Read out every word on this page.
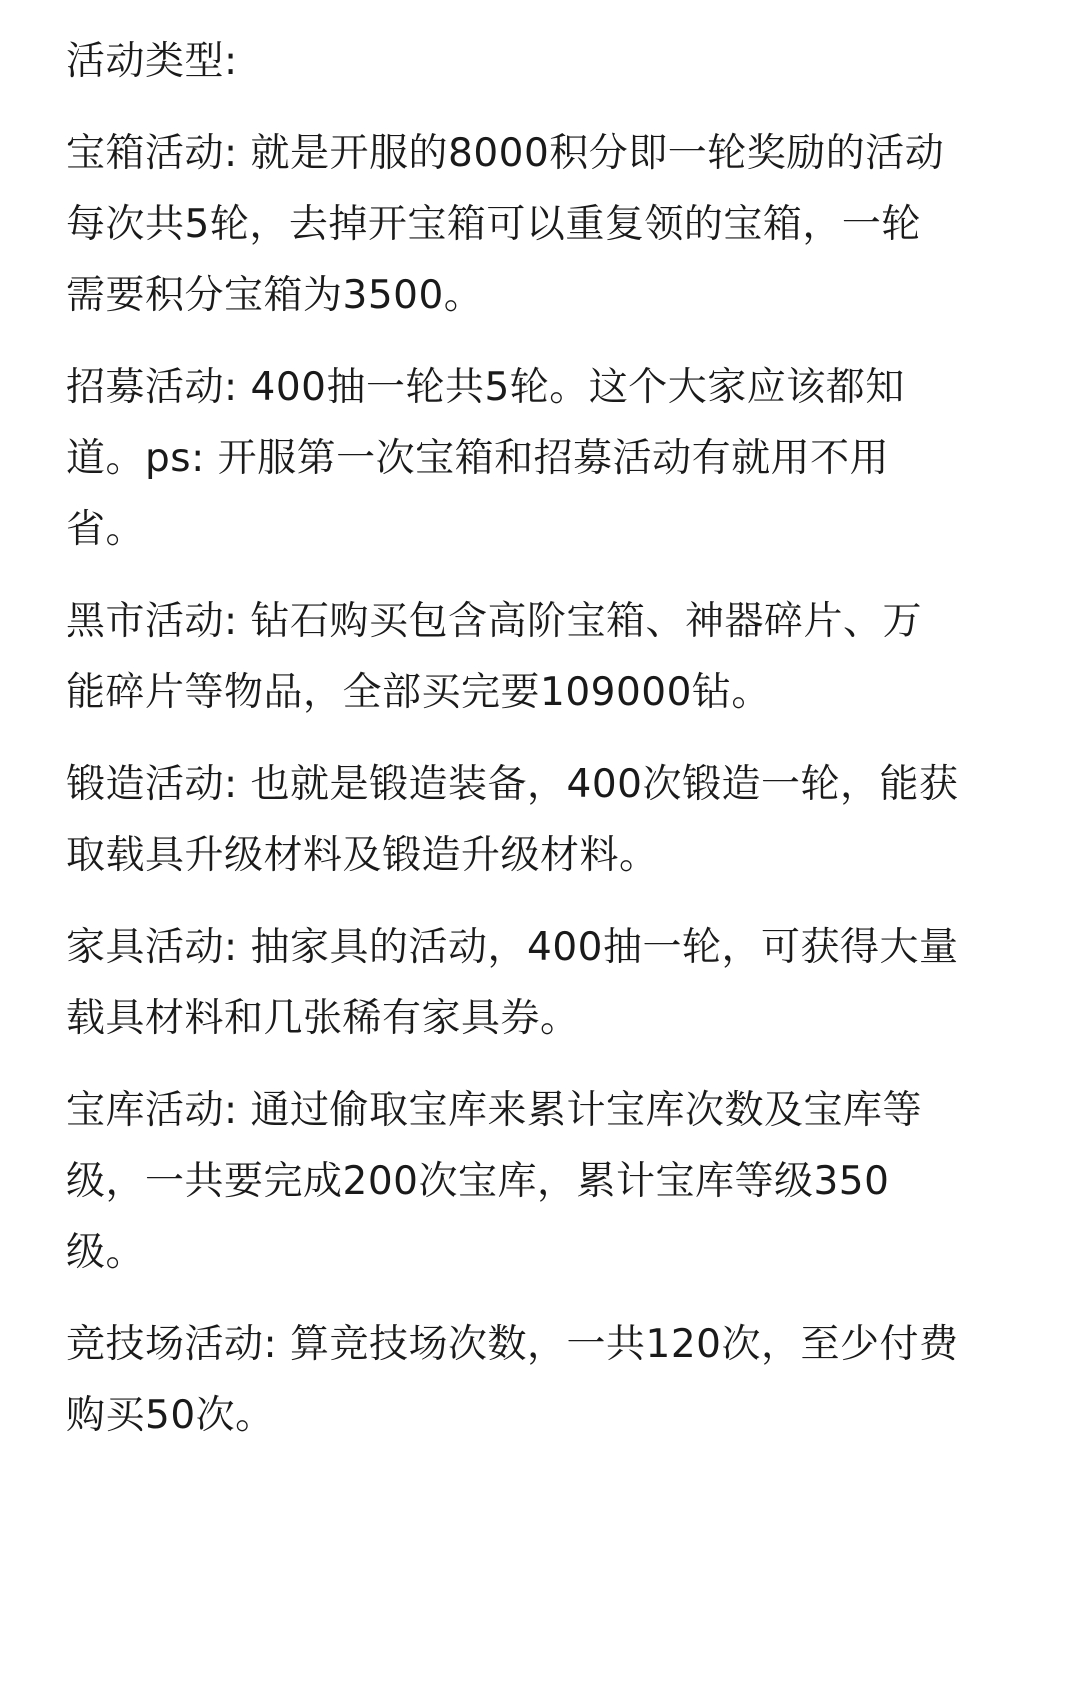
活动类型:
宝箱活动: 就是开服的8000积分即一轮奖励的活动
每次共5轮，去掉开宝箱可以重复领的宝箱，一轮
需要积分宝箱为3500。
招募活动: 400抽一轮共5轮。这个大家应该都知
道。ps: 开服第一次宝箱和招募活动有就用不用
省。
黑市活动: 钻石购买包含高阶宝箱、神器碎片、万
能碎片等物品，全部买完要109000钻。
锻造活动: 也就是锻造装备，400次锻造一轮，能获
取载具升级材料及锻造升级材料。
家具活动: 抽家具的活动，400抽一轮，可获得大量
载具材料和几张稀有家具券。
宝库活动: 通过偷取宝库来累计宝库次数及宝库等
级，一共要完成200次宝库，累计宝库等级350
级。
竞技场活动: 算竞技场次数，一共120次，至少付费
购买50次。
